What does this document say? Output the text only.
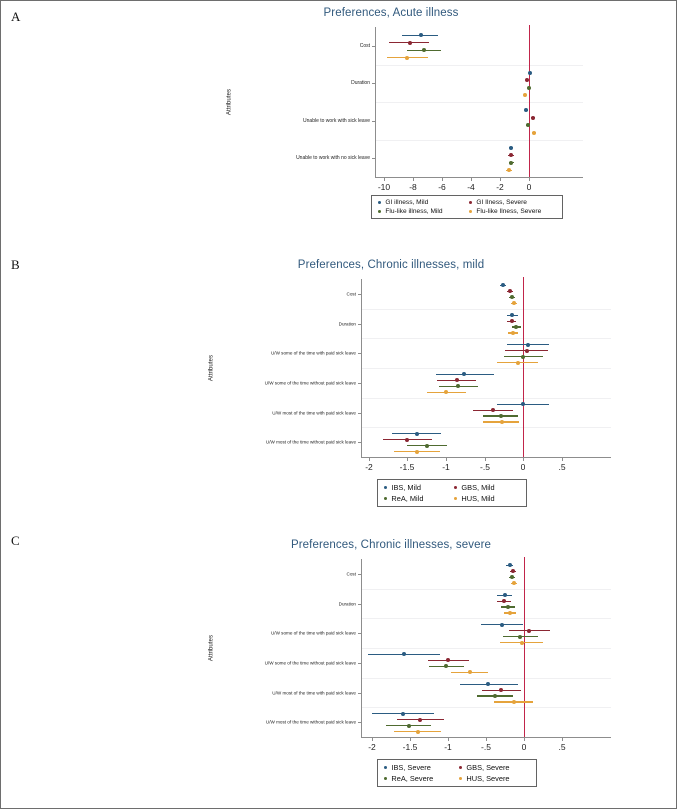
A	Preferences, Acute illness
-10 -8	-6	-4	-2	0
Cost
Duration
Unable to work with sick leave
Unable to work with no sick leave
Attributes
GI illness, Mild	GI Ilness, Severe
Flu-like illness, Mild	Flu-like Ilness, Severe
B	Preferences, Chronic illnesses, mild
-2	-1.5	-1	-.5	0	.5
Cost
Duration
U/W some of the time with paid sick leave
U/W some of the time without paid sick leave
U/W most of the time with paid sick leave
U/W most of the time without paid sick leave
Attributes
IBS, Mild	GBS, Mild
ReA, Mild	HUS, Mild
C	Preferences, Chronic illnesses, severe
-2	-1.5	-1	-.5	0	.5
Cost
Duration
U/W some of the time with paid sick leave
U/W some of the time without paid sick leave
U/W most of the time with paid sick leave
U/W most of the time without paid sick leave
Attributes
IBS, Severe	GBS, Severe
ReA, Severe	HUS, Severe
